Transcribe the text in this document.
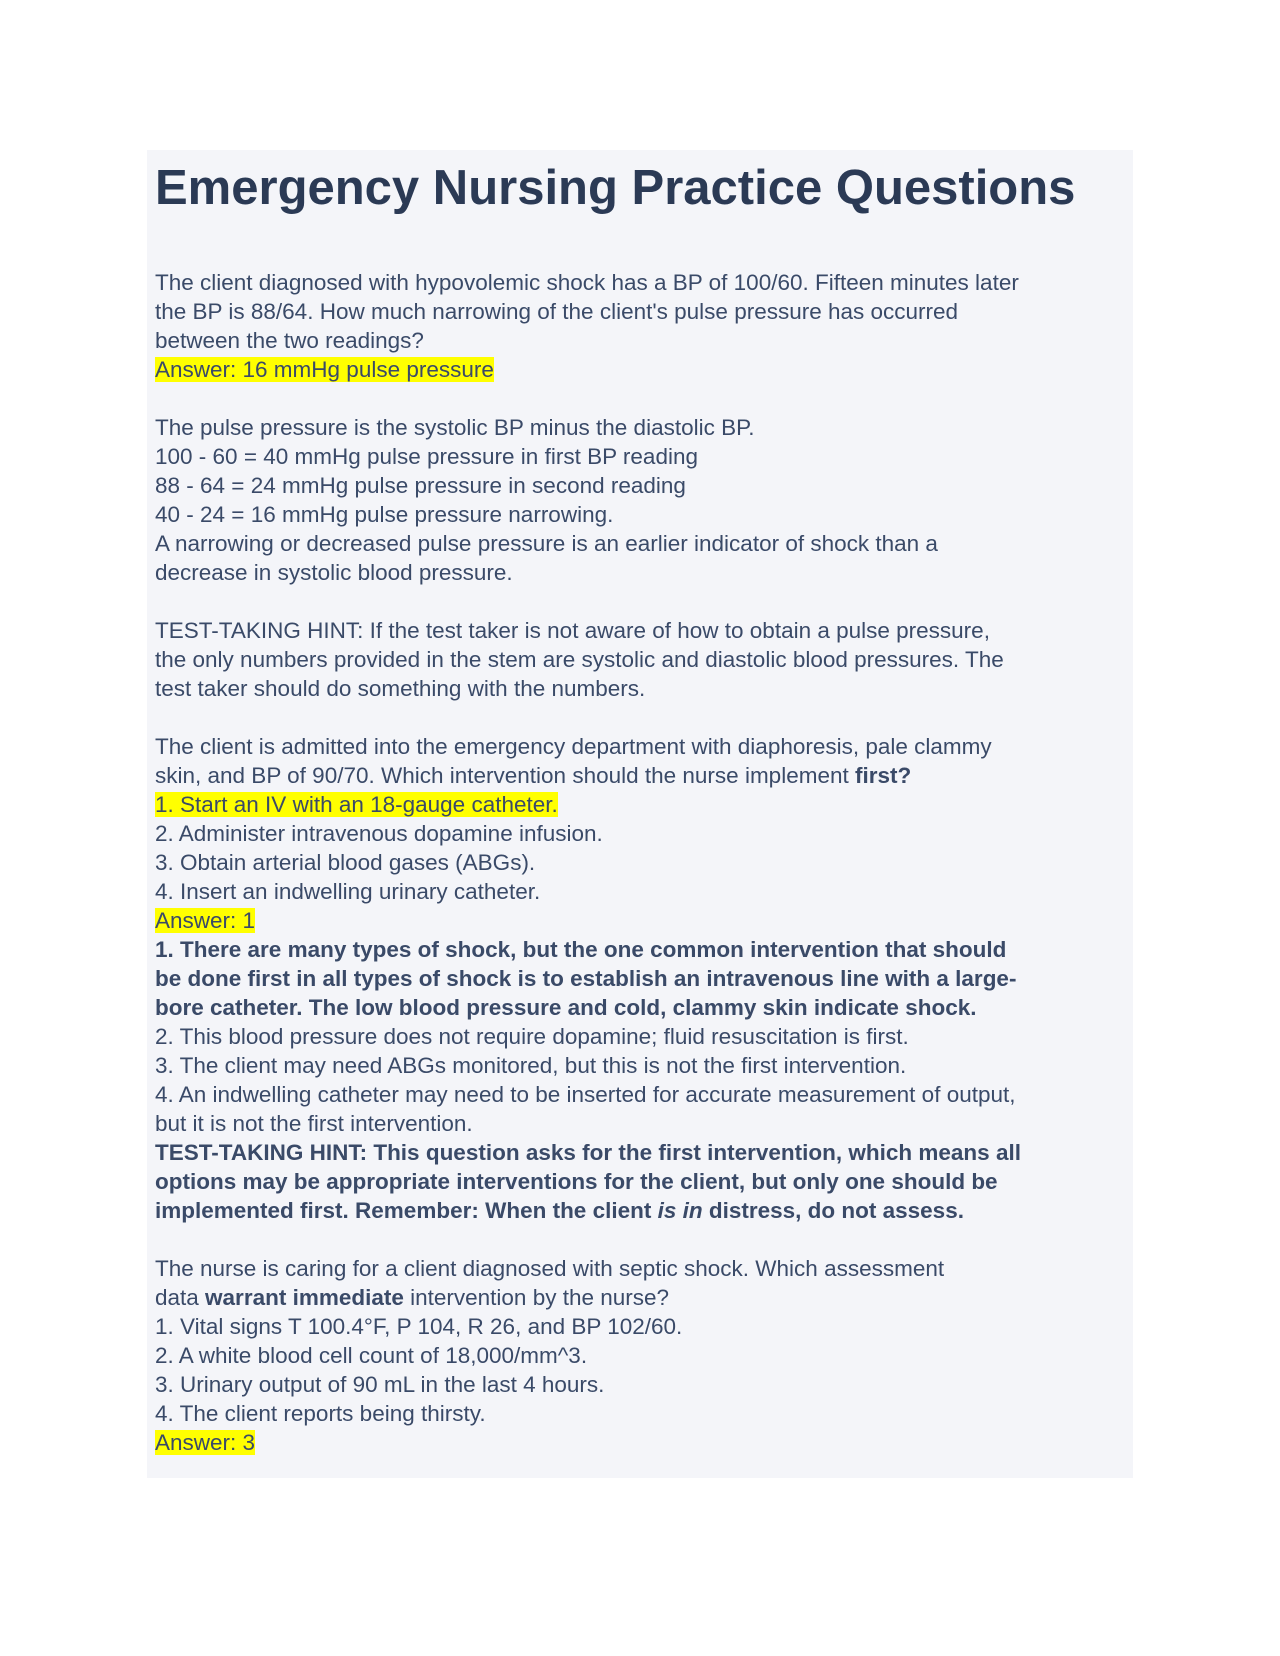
Emergency Nursing Practice Questions
The client diagnosed with hypovolemic shock has a BP of 100/60. Fifteen minutes later
the BP is 88/64. How much narrowing of the client's pulse pressure has occurred
between the two readings?
Answer: 16 mmHg pulse pressure
The pulse pressure is the systolic BP minus the diastolic BP.
100 - 60 = 40 mmHg pulse pressure in first BP reading
88 - 64 = 24 mmHg pulse pressure in second reading
40 - 24 = 16 mmHg pulse pressure narrowing.
A narrowing or decreased pulse pressure is an earlier indicator of shock than a
decrease in systolic blood pressure.
TEST-TAKING HINT: If the test taker is not aware of how to obtain a pulse pressure,
the only numbers provided in the stem are systolic and diastolic blood pressures. The
test taker should do something with the numbers.
The client is admitted into the emergency department with diaphoresis, pale clammy
skin, and BP of 90/70. Which intervention should the nurse implement first?
1. Start an IV with an 18-gauge catheter.
2. Administer intravenous dopamine infusion.
3. Obtain arterial blood gases (ABGs).
4. Insert an indwelling urinary catheter.
Answer: 1
1. There are many types of shock, but the one common intervention that should
be done first in all types of shock is to establish an intravenous line with a large-
bore catheter. The low blood pressure and cold, clammy skin indicate shock.
2. This blood pressure does not require dopamine; fluid resuscitation is first.
3. The client may need ABGs monitored, but this is not the first intervention.
4. An indwelling catheter may need to be inserted for accurate measurement of output,
but it is not the first intervention.
TEST-TAKING HINT: This question asks for the first intervention, which means all
options may be appropriate interventions for the client, but only one should be
implemented first. Remember: When the client is in distress, do not assess.
The nurse is caring for a client diagnosed with septic shock. Which assessment
data warrant immediate intervention by the nurse?
1. Vital signs T 100.4°F, P 104, R 26, and BP 102/60.
2. A white blood cell count of 18,000/mm^3.
3. Urinary output of 90 mL in the last 4 hours.
4. The client reports being thirsty.
Answer: 3
